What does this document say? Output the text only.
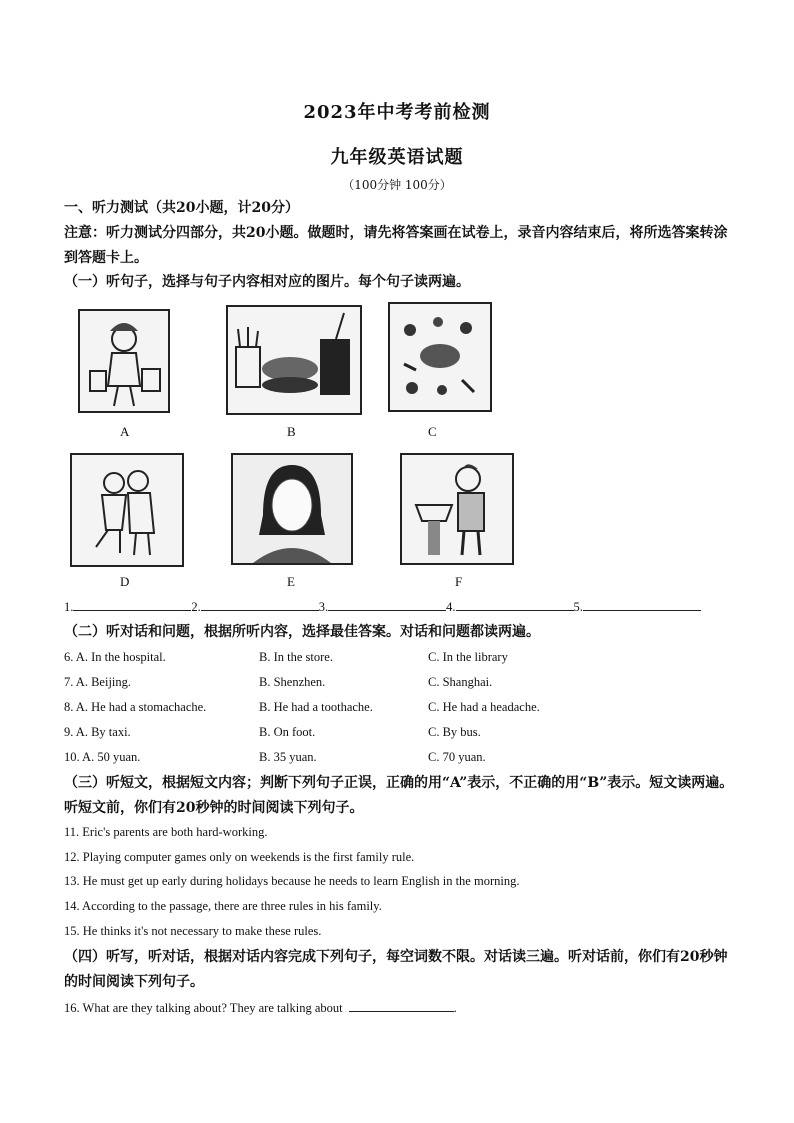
2023年中考考前检测
九年级英语试题
（100分钟 100分）
一、听力测试（共20小题，计20分）
注意：听力测试分四部分，共20小题。做题时，请先将答案画在试卷上，录音内容结束后，将所选答案转涂到答题卡上。
（一）听句子，选择与句子内容相对应的图片。每个句子读两遍。
A	B	C
D	E	F
1.	2.	3.	4.	5.
（二）听对话和问题，根据所听内容，选择最佳答案。对话和问题都读两遍。
6. A. In the hospital.	B. In the store.	C. In the library
7. A. Beijing.	B. Shenzhen.	C. Shanghai.
8. A. He had a stomachache.	B. He had a toothache.	C. He had a headache.
9. A. By taxi.	B. On foot.	C. By bus.
10. A. 50 yuan.	B. 35 yuan.	C. 70 yuan.
（三）听短文，根据短文内容；判断下列句子正误，正确的用“A”表示，不正确的用“B”表示。短文读两遍。听短文前，你们有20秒钟的时间阅读下列句子。
11. Eric's parents are both hard-working.
12. Playing computer games only on weekends is the first family rule.
13. He must get up early during holidays because he needs to learn English in the morning.
14. According to the passage, there are three rules in his family.
15. He thinks it's not necessary to make these rules.
（四）听写，听对话，根据对话内容完成下列句子，每空词数不限。对话读三遍。听对话前，你们有20秒钟的时间阅读下列句子。
16. What are they talking about? They are talking about	.
